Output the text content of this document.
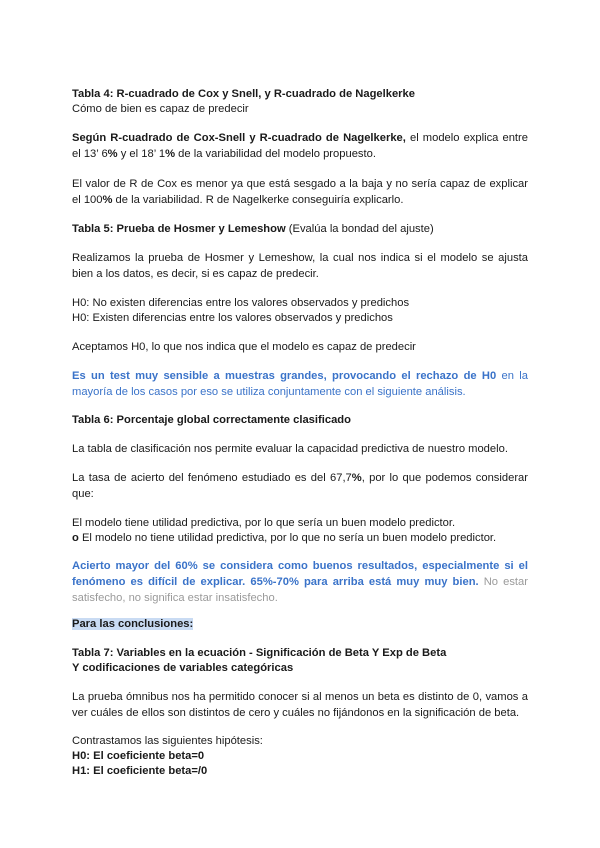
Tabla 4: R-cuadrado de Cox y Snell, y R-cuadrado de Nagelkerke

Cómo de bien es capaz de predecir

Según R-cuadrado de Cox-Snell y R-cuadrado de Nagelkerke, el modelo explica entre el 13’ 6% y el 18’ 1% de la variabilidad del modelo propuesto.

El valor de R de Cox es menor ya que está sesgado a la baja y no sería capaz de explicar el 100% de la variabilidad. R de Nagelkerke conseguiría explicarlo.

Tabla 5: Prueba de Hosmer y Lemeshow (Evalúa la bondad del ajuste)

Realizamos la prueba de Hosmer y Lemeshow, la cual nos indica si el modelo se ajusta bien a los datos, es decir, si es capaz de predecir.

H0: No existen diferencias entre los valores observados y predichos

H0: Existen diferencias entre los valores observados y predichos

Aceptamos H0, lo que nos indica que el modelo es capaz de predecir

Es un test muy sensible a muestras grandes, provocando el rechazo de H0 en la mayoría de los casos por eso se utiliza conjuntamente con el siguiente análisis.

Tabla 6: Porcentaje global correctamente clasificado

La tabla de clasificación nos permite evaluar la capacidad predictiva de nuestro modelo.

La tasa de acierto del fenómeno estudiado es del 67,7%, por lo que podemos considerar que:

El modelo tiene utilidad predictiva, por lo que sería un buen modelo predictor.

o El modelo no tiene utilidad predictiva, por lo que no sería un buen modelo predictor.

Acierto mayor del 60% se considera como buenos resultados, especialmente si el fenómeno es difícil de explicar. 65%-70% para arriba está muy muy bien. No estar satisfecho, no significa estar insatisfecho.

Para las conclusiones:

Tabla 7: Variables en la ecuación - Significación de Beta Y Exp de Beta

Y codificaciones de variables categóricas

La prueba ómnibus nos ha permitido conocer si al menos un beta es distinto de 0, vamos a ver cuáles de ellos son distintos de cero y cuáles no fijándonos en la significación de beta.

Contrastamos las siguientes hipótesis:

H0: El coeficiente beta=0

H1: El coeficiente beta=/0
